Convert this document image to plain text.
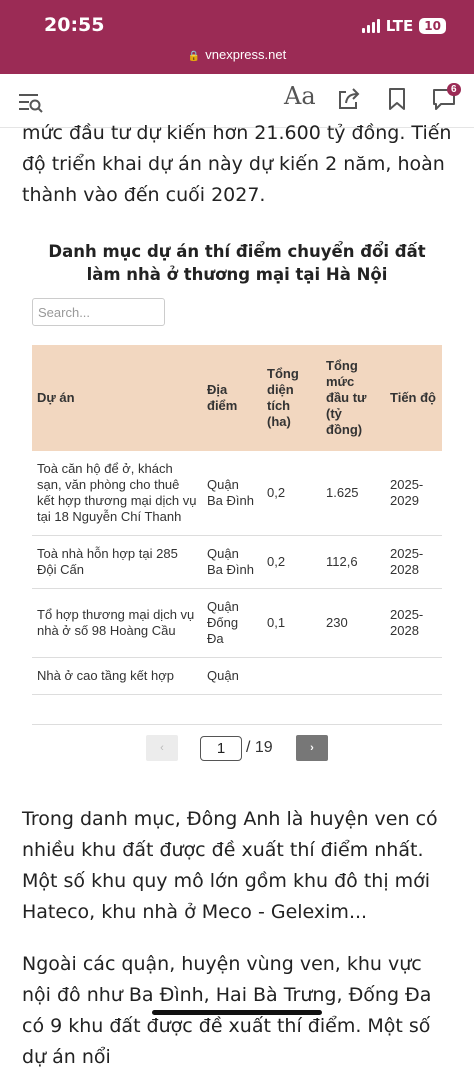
20:55	LTE 10
🔒 vnexpress.net
Aa	6

mức đầu tư dự kiến hơn 21.600 tỷ đồng. Tiến độ triển khai dự án này dự kiến 2 năm, hoàn thành vào đến cuối 2027.

Danh mục dự án thí điểm chuyển đổi đất làm nhà ở thương mại tại Hà Nội
Search...
Dự án	Địa điểm	Tổng diện tích (ha)	Tổng mức đầu tư (tỷ đồng)	Tiến độ
Toà căn hộ để ở, khách sạn, văn phòng cho thuê kết hợp thương mại dịch vụ tại 18 Nguyễn Chí Thanh	Quận Ba Đình	0,2	1.625	2025-2029
Toà nhà hỗn hợp tại 285 Đội Cấn	Quận Ba Đình	0,2	112,6	2025-2028
Tổ hợp thương mại dịch vụ nhà ở số 98 Hoàng Cầu	Quận Đống Đa	0,1	230	2025-2028
Nhà ở cao tầng kết hợp	Quận			
‹
1	/ 19	›

Trong danh mục, Đông Anh là huyện ven có nhiều khu đất được đề xuất thí điểm nhất. Một số khu quy mô lớn gồm khu đô thị mới Hateco, khu nhà ở Meco - Gelexim...

Ngoài các quận, huyện vùng ven, khu vực nội đô như Ba Đình, Hai Bà Trưng, Đống Đa có 9 khu đất được đề xuất thí điểm. Một số dự án nổi
